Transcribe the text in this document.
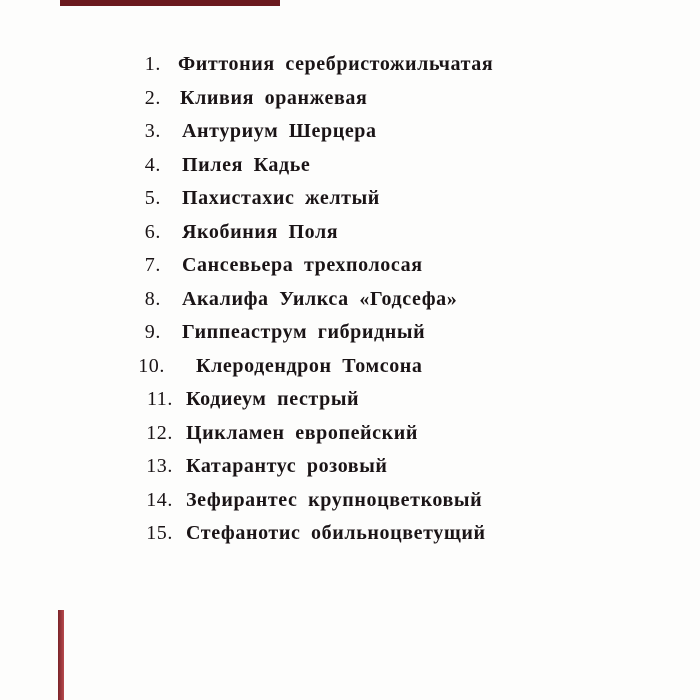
1. Фиттония серебристожильчатая
2. Кливия оранжевая
3. Антуриум Шерцера
4. Пилея Кадье
5. Пахистахис желтый
6. Якобиния Поля
7. Сансевьера трехполосая
8. Акалифа Уилкса «Годсефа»
9. Гиппеаструм гибридный
10. Клеродендрон Томсона
11. Кодиеум пестрый
12. Цикламен европейский
13. Катарантус розовый
14. Зефирантес крупноцветковый
15. Стефанотис обильноцветущий
